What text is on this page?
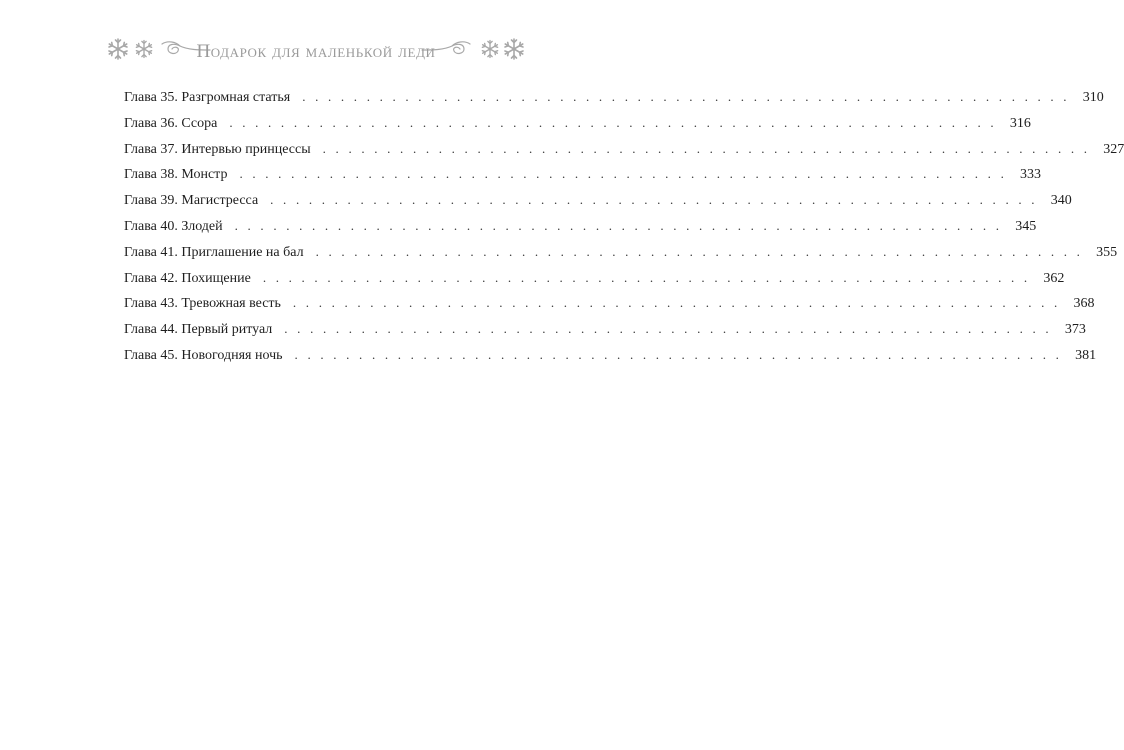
Подарок для маленькой леди
Глава 35. Разгромная статья . . . . . . . . . . . . . . . . . . . . . . . . . . . . . . . . . . . . . . . . . . . . . . . . . . . . . . . . . . . . 310
Глава 36. Ссора . . . . . . . . . . . . . . . . . . . . . . . . . . . . . . . . . . . . . . . . . . . . . . . . . . . . . . . . . . . . 316
Глава 37. Интервью принцессы . . . . . . . . . . . . . . . . . . . . . . . . . . . . . . . . . . . . . . . . . . . . . . . . . . . . . . . . . . . . 327
Глава 38. Монстр . . . . . . . . . . . . . . . . . . . . . . . . . . . . . . . . . . . . . . . . . . . . . . . . . . . . . . . . . . . . 333
Глава 39. Магистресса . . . . . . . . . . . . . . . . . . . . . . . . . . . . . . . . . . . . . . . . . . . . . . . . . . . . . . . . . . . . 340
Глава 40. Злодей . . . . . . . . . . . . . . . . . . . . . . . . . . . . . . . . . . . . . . . . . . . . . . . . . . . . . . . . . . . . 345
Глава 41. Приглашение на бал . . . . . . . . . . . . . . . . . . . . . . . . . . . . . . . . . . . . . . . . . . . . . . . . . . . . . . . . . . . . 355
Глава 42. Похищение . . . . . . . . . . . . . . . . . . . . . . . . . . . . . . . . . . . . . . . . . . . . . . . . . . . . . . . . . . . . 362
Глава 43. Тревожная весть . . . . . . . . . . . . . . . . . . . . . . . . . . . . . . . . . . . . . . . . . . . . . . . . . . . . . . . . . . . . 368
Глава 44. Первый ритуал . . . . . . . . . . . . . . . . . . . . . . . . . . . . . . . . . . . . . . . . . . . . . . . . . . . . . . . . . . . . 373
Глава 45. Новогодняя ночь . . . . . . . . . . . . . . . . . . . . . . . . . . . . . . . . . . . . . . . . . . . . . . . . . . . . . . . . . . . . 381
